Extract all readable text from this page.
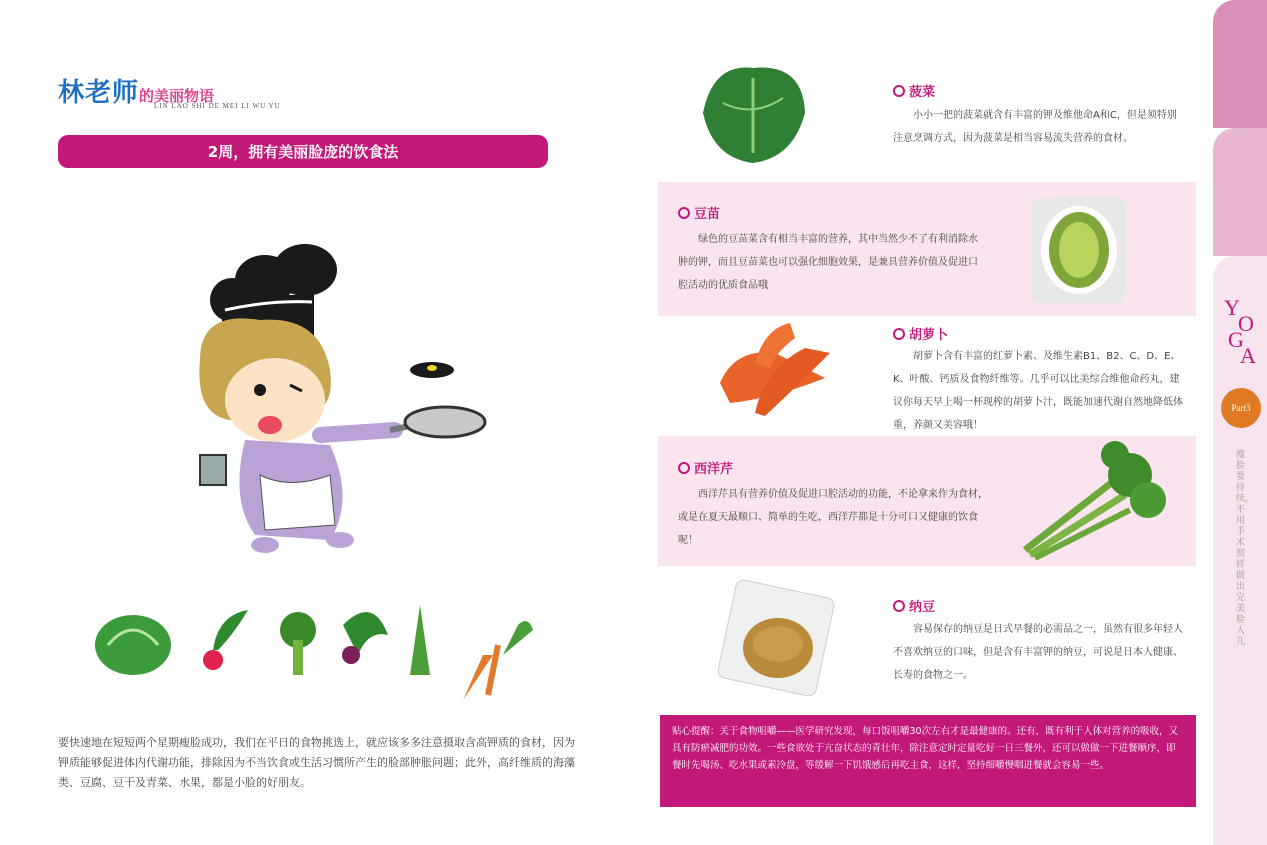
林老师的美丽物语
LIN LAO SHI DE MEI LI WU YU
2周，拥有美丽脸庞的饮食法

要快速地在短短两个星期瘦脸成功，我们在平日的食物挑选上，就应该多多注意摄取含高钾质的食材，因为钾质能够促进体内代谢功能，排除因为不当饮食或生活习惯所产生的脸部肿胀问题；此外，高纤维质的海藻类、豆腐、豆干及青菜、水果，都是小脸的好朋友。

菠菜
小小一把的菠菜就含有丰富的钾及维他命A和C，但是须特别注意烹调方式，因为菠菜是相当容易流失营养的食材。
豆苗
绿色的豆苗菜含有相当丰富的营养，其中当然少不了有利消除水肿的钾，而且豆苗菜也可以强化细胞效果，是兼具营养价值及促进口腔活动的优质食品哦
胡萝卜
胡萝卜含有丰富的红萝卜素、及维生素B1、B2、C、D、E、K、叶酸、钙质及食物纤维等。几乎可以比美综合维他命药丸，建议你每天早上喝一杯现榨的胡萝卜汁，既能加速代谢自然地降低体重，养颜又美容哦！
西洋芹
西洋芹具有营养价值及促进口腔活动的功能，不论拿来作为食材，或是在夏天最顺口、简单的生吃，西洋芹都是十分可口又健康的饮食呢！
纳豆
容易保存的纳豆是日式早餐的必需品之一，虽然有很多年轻人不喜欢纳豆的口味，但是含有丰富钾的纳豆，可说是日本人健康、长寿的食物之一。
贴心提醒：关于食物咀嚼——医学研究发现，每口饭咀嚼30次左右才是最健康的。还有，既有利于人体对营养的吸收，又具有防瘀减肥的功效。一些食欲处于亢奋状态的青壮年，除注意定时定量吃好一日三餐外，还可以做做一下进餐顺序，即餐时先喝汤、吃水果或素冷盘，等缓解一下饥饿感后再吃主食，这样，坚持细嚼慢咽进餐就会容易一些。
Y
O
G
A
Part3
瘦脸要持续，不用手术照样做出完美脸人儿
